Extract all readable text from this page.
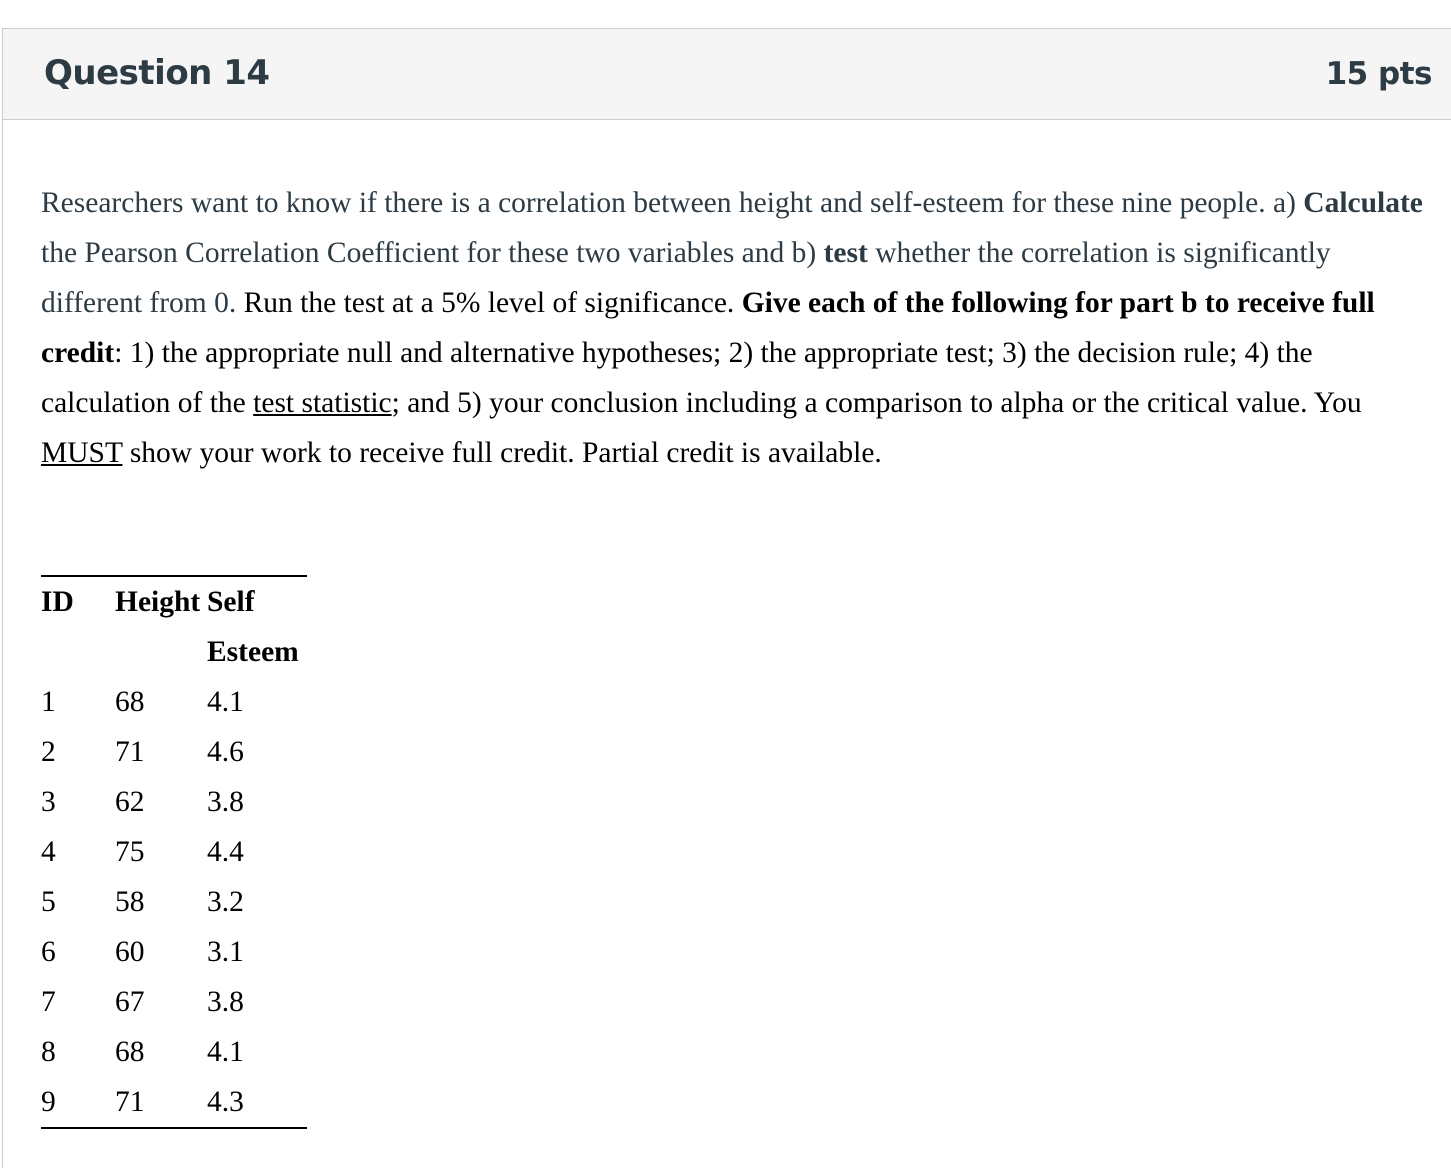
Question 14	15 pts
Researchers want to know if there is a correlation between height and self-esteem for these nine people. a) Calculate the Pearson Correlation Coefficient for these two variables and b) test whether the correlation is significantly different from 0. Run the test at a 5% level of significance. Give each of the following for part b to receive full credit: 1) the appropriate null and alternative hypotheses; 2) the appropriate test; 3) the decision rule; 4) the calculation of the test statistic; and 5) your conclusion including a comparison to alpha or the critical value. You MUST show your work to receive full credit. Partial credit is available.
ID	Height	Self
		Esteem
1	68	4.1
2	71	4.6
3	62	3.8
4	75	4.4
5	58	3.2
6	60	3.1
7	67	3.8
8	68	4.1
9	71	4.3
